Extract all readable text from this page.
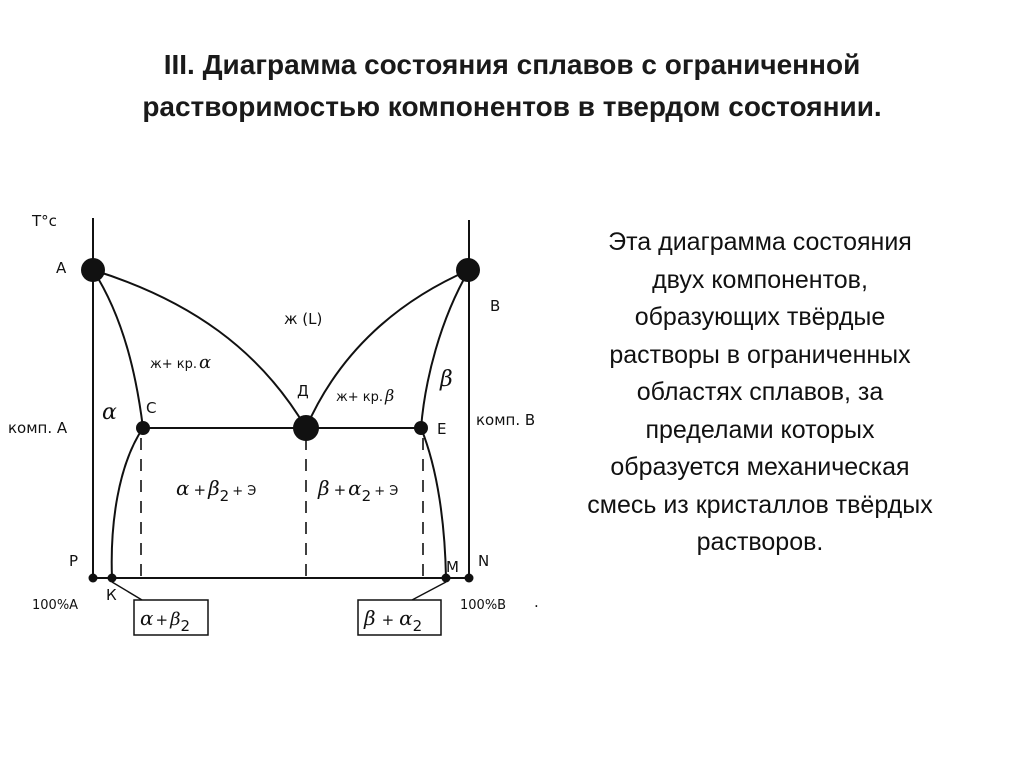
III. Диаграмма состояния сплавов с ограниченной
растворимостью компонентов в твердом состоянии.
T°c
A
B
C
Д
E
P	N
К
M
комп. А	комп. В
100%A	100%B .
ж (L)
ж+ кр. α
ж+ кр. β
α
β
α + β2 $^{+ Э}$	β + α2 $^{+ Э}$
α + β2	β + α2

Эта диаграмма состояния
двух компонентов,
образующих твёрдые
растворы в ограниченных
областях сплавов, за
пределами которых
образуется механическая
смесь из кристаллов твёрдых
растворов.
